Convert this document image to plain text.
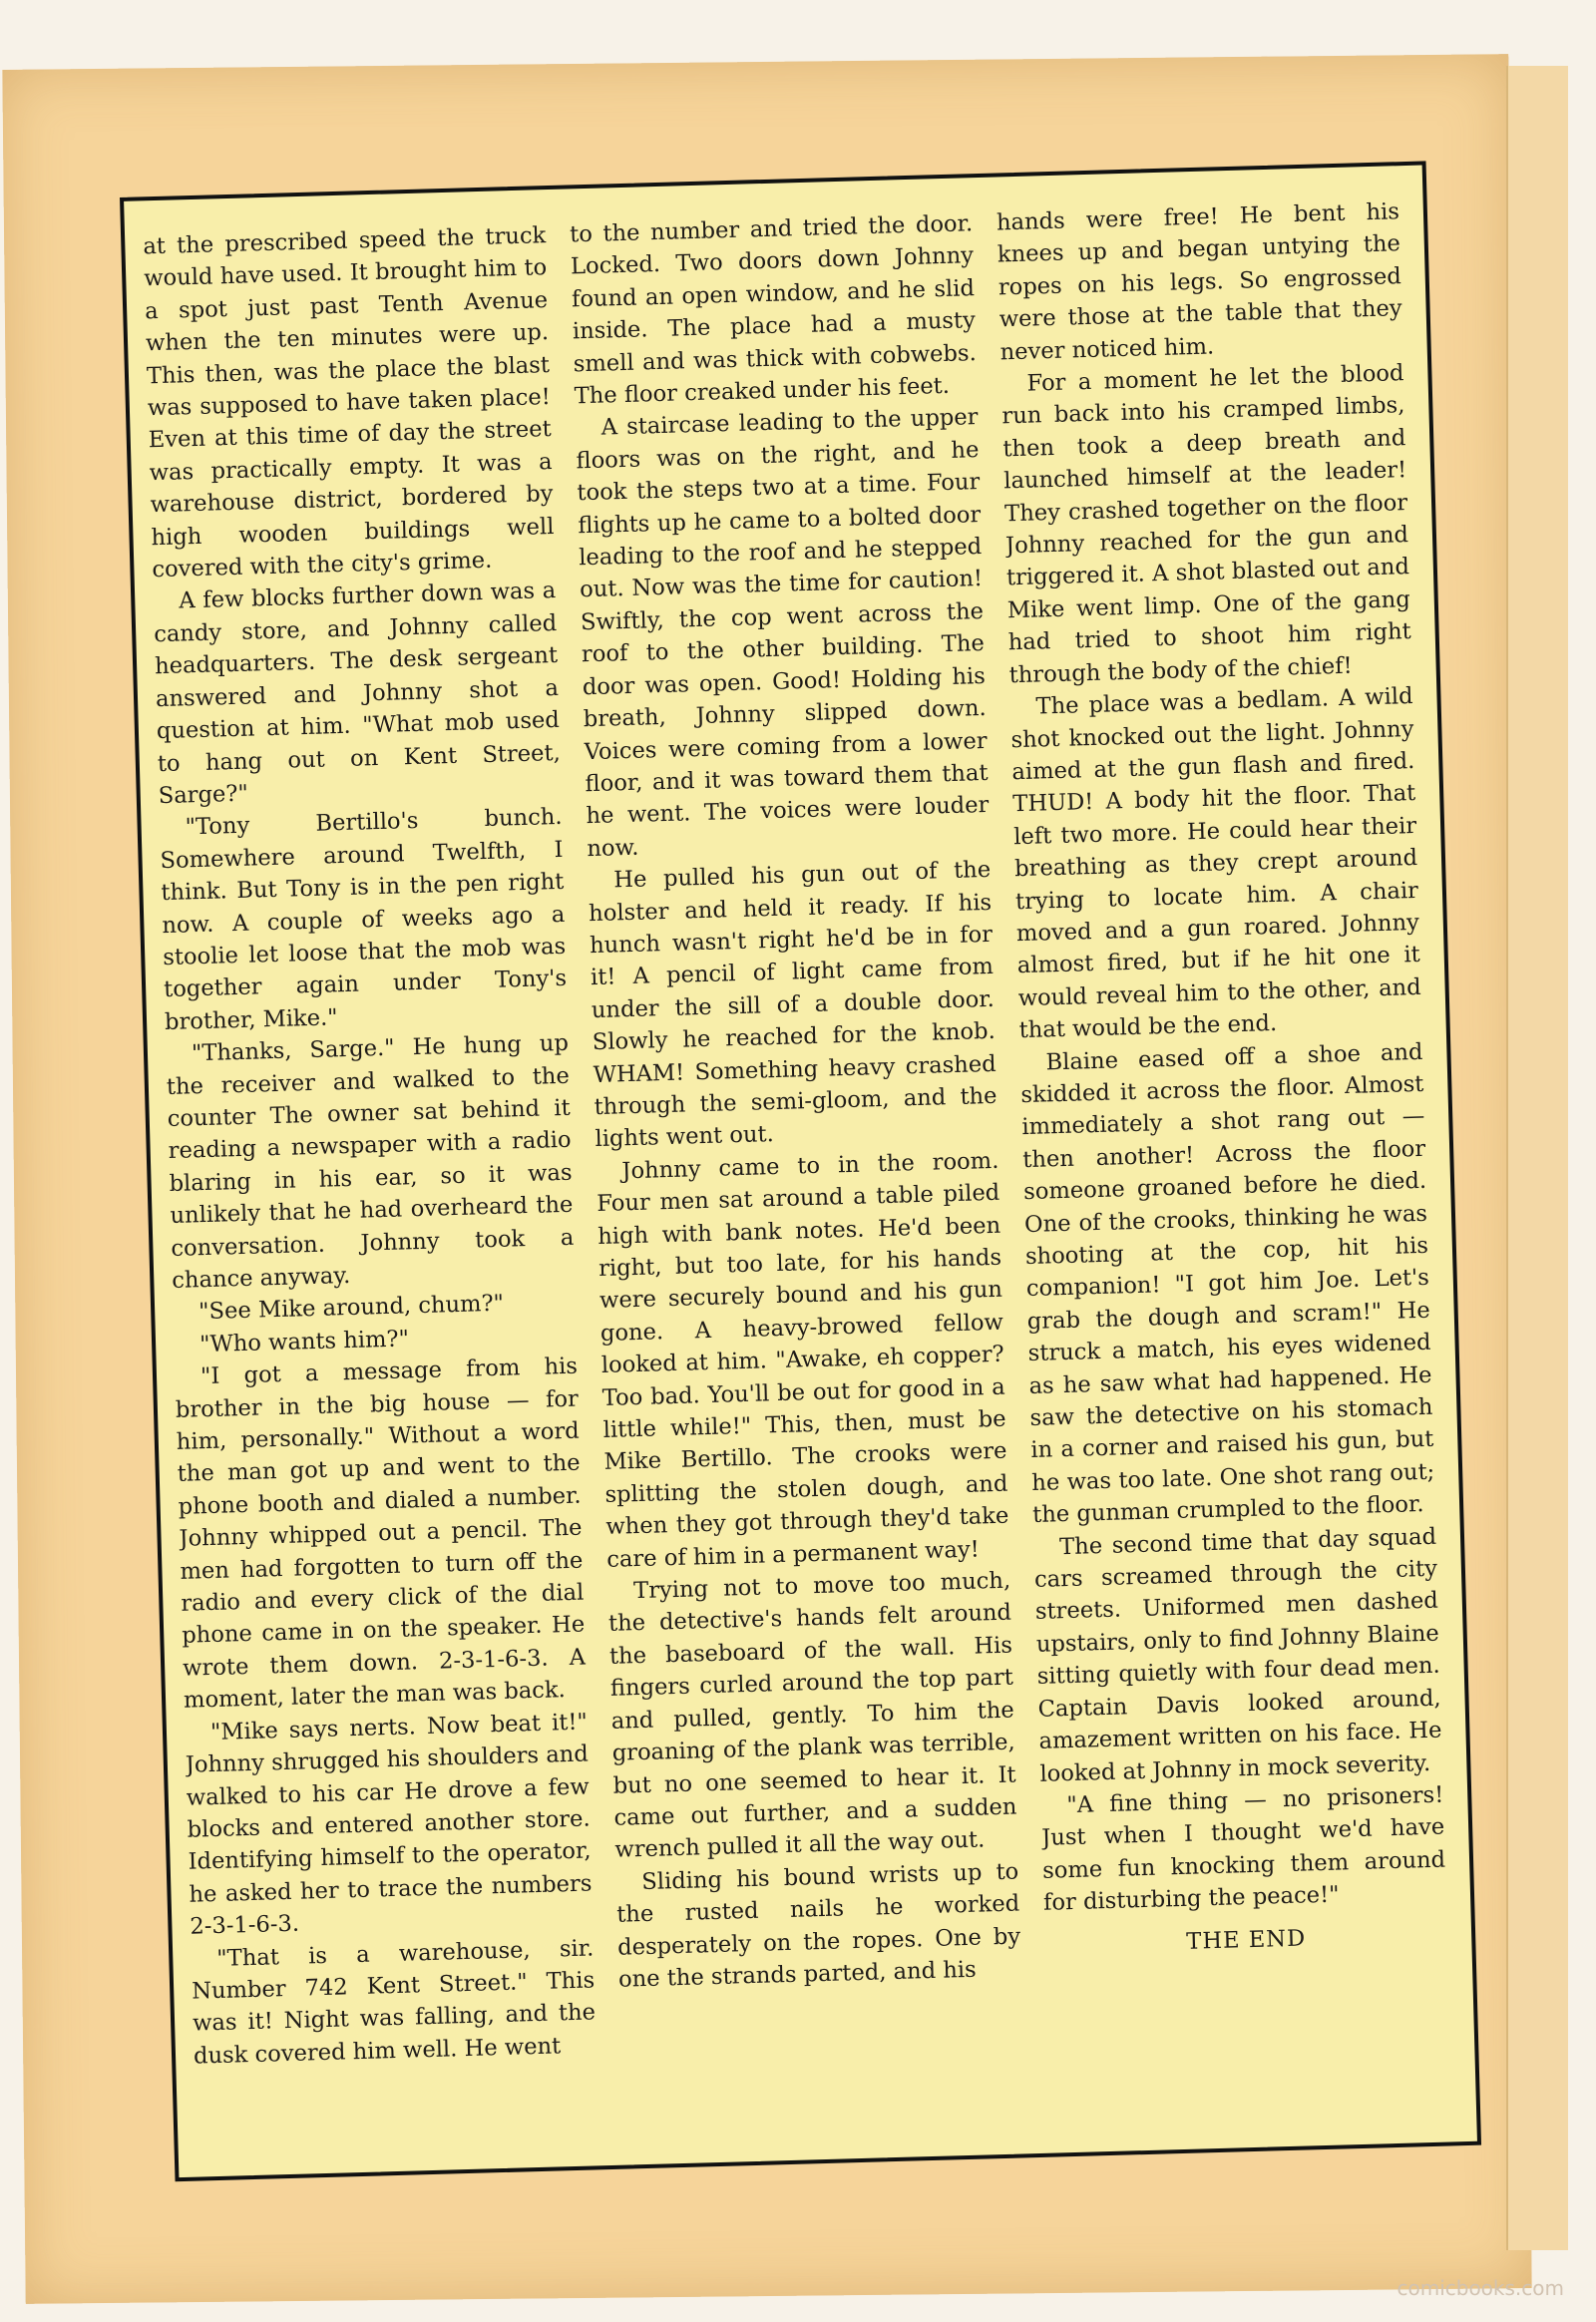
at the prescribed speed the truck would have used. It brought him to a spot just past Tenth Avenue when the ten minutes were up. This then, was the place the blast was supposed to have taken place! Even at this time of day the street was practically empty. It was a warehouse district, bordered by high wooden buildings well covered with the city's grime.

A few blocks further down was a candy store, and Johnny called headquarters. The desk sergeant answered and Johnny shot a question at him. "What mob used to hang out on Kent Street, Sarge?"

"Tony Bertillo's bunch. Somewhere around Twelfth, I think. But Tony is in the pen right now. A couple of weeks ago a stoolie let loose that the mob was together again under Tony's brother, Mike."

"Thanks, Sarge." He hung up the receiver and walked to the counter The owner sat behind it reading a newspaper with a radio blaring in his ear, so it was unlikely that he had overheard the conversation. Johnny took a chance anyway.

"See Mike around, chum?"

"Who wants him?"

"I got a message from his brother in the big house — for him, personally." Without a word the man got up and went to the phone booth and dialed a number. Johnny whipped out a pencil. The men had forgotten to turn off the radio and every click of the dial phone came in on the speaker. He wrote them down. 2-3-1-6-3. A moment, later the man was back.

"Mike says nerts. Now beat it!" Johnny shrugged his shoulders and walked to his car He drove a few blocks and entered another store. Identifying himself to the operator, he asked her to trace the numbers 2-3-1-6-3.

"That is a warehouse, sir. Number 742 Kent Street." This was it! Night was falling, and the dusk covered him well. He went

to the number and tried the door. Locked. Two doors down Johnny found an open window, and he slid inside. The place had a musty smell and was thick with cobwebs. The floor creaked under his feet.

A staircase leading to the upper floors was on the right, and he took the steps two at a time. Four flights up he came to a bolted door leading to the roof and he stepped out. Now was the time for caution! Swiftly, the cop went across the roof to the other building. The door was open. Good! Holding his breath, Johnny slipped down. Voices were coming from a lower floor, and it was toward them that he went. The voices were louder now.

He pulled his gun out of the holster and held it ready. If his hunch wasn't right he'd be in for it! A pencil of light came from under the sill of a double door. Slowly he reached for the knob. WHAM! Something heavy crashed through the semi-gloom, and the lights went out.

Johnny came to in the room. Four men sat around a table piled high with bank notes. He'd been right, but too late, for his hands were securely bound and his gun gone. A heavy-browed fellow looked at him. "Awake, eh copper? Too bad. You'll be out for good in a little while!" This, then, must be Mike Bertillo. The crooks were splitting the stolen dough, and when they got through they'd take care of him in a permanent way!

Trying not to move too much, the detective's hands felt around the baseboard of the wall. His fingers curled around the top part and pulled, gently. To him the groaning of the plank was terrible, but no one seemed to hear it. It came out further, and a sudden wrench pulled it all the way out.

Sliding his bound wrists up to the rusted nails he worked desperately on the ropes. One by one the strands parted, and his

hands were free! He bent his knees up and began untying the ropes on his legs. So engrossed were those at the table that they never noticed him.

For a moment he let the blood run back into his cramped limbs, then took a deep breath and launched himself at the leader! They crashed together on the floor Johnny reached for the gun and triggered it. A shot blasted out and Mike went limp. One of the gang had tried to shoot him right through the body of the chief!

The place was a bedlam. A wild shot knocked out the light. Johnny aimed at the gun flash and fired. THUD! A body hit the floor. That left two more. He could hear their breathing as they crept around trying to locate him. A chair moved and a gun roared. Johnny almost fired, but if he hit one it would reveal him to the other, and that would be the end.

Blaine eased off a shoe and skidded it across the floor. Almost immediately a shot rang out — then another! Across the floor someone groaned before he died. One of the crooks, thinking he was shooting at the cop, hit his companion! "I got him Joe. Let's grab the dough and scram!" He struck a match, his eyes widened as he saw what had happened. He saw the detective on his stomach in a corner and raised his gun, but he was too late. One shot rang out; the gunman crumpled to the floor.

The second time that day squad cars screamed through the city streets. Uniformed men dashed upstairs, only to find Johnny Blaine sitting quietly with four dead men. Captain Davis looked around, amazement written on his face. He looked at Johnny in mock severity.

"A fine thing — no prisoners! Just when I thought we'd have some fun knocking them around for disturbing the peace!"

THE END
comicbooks.com
